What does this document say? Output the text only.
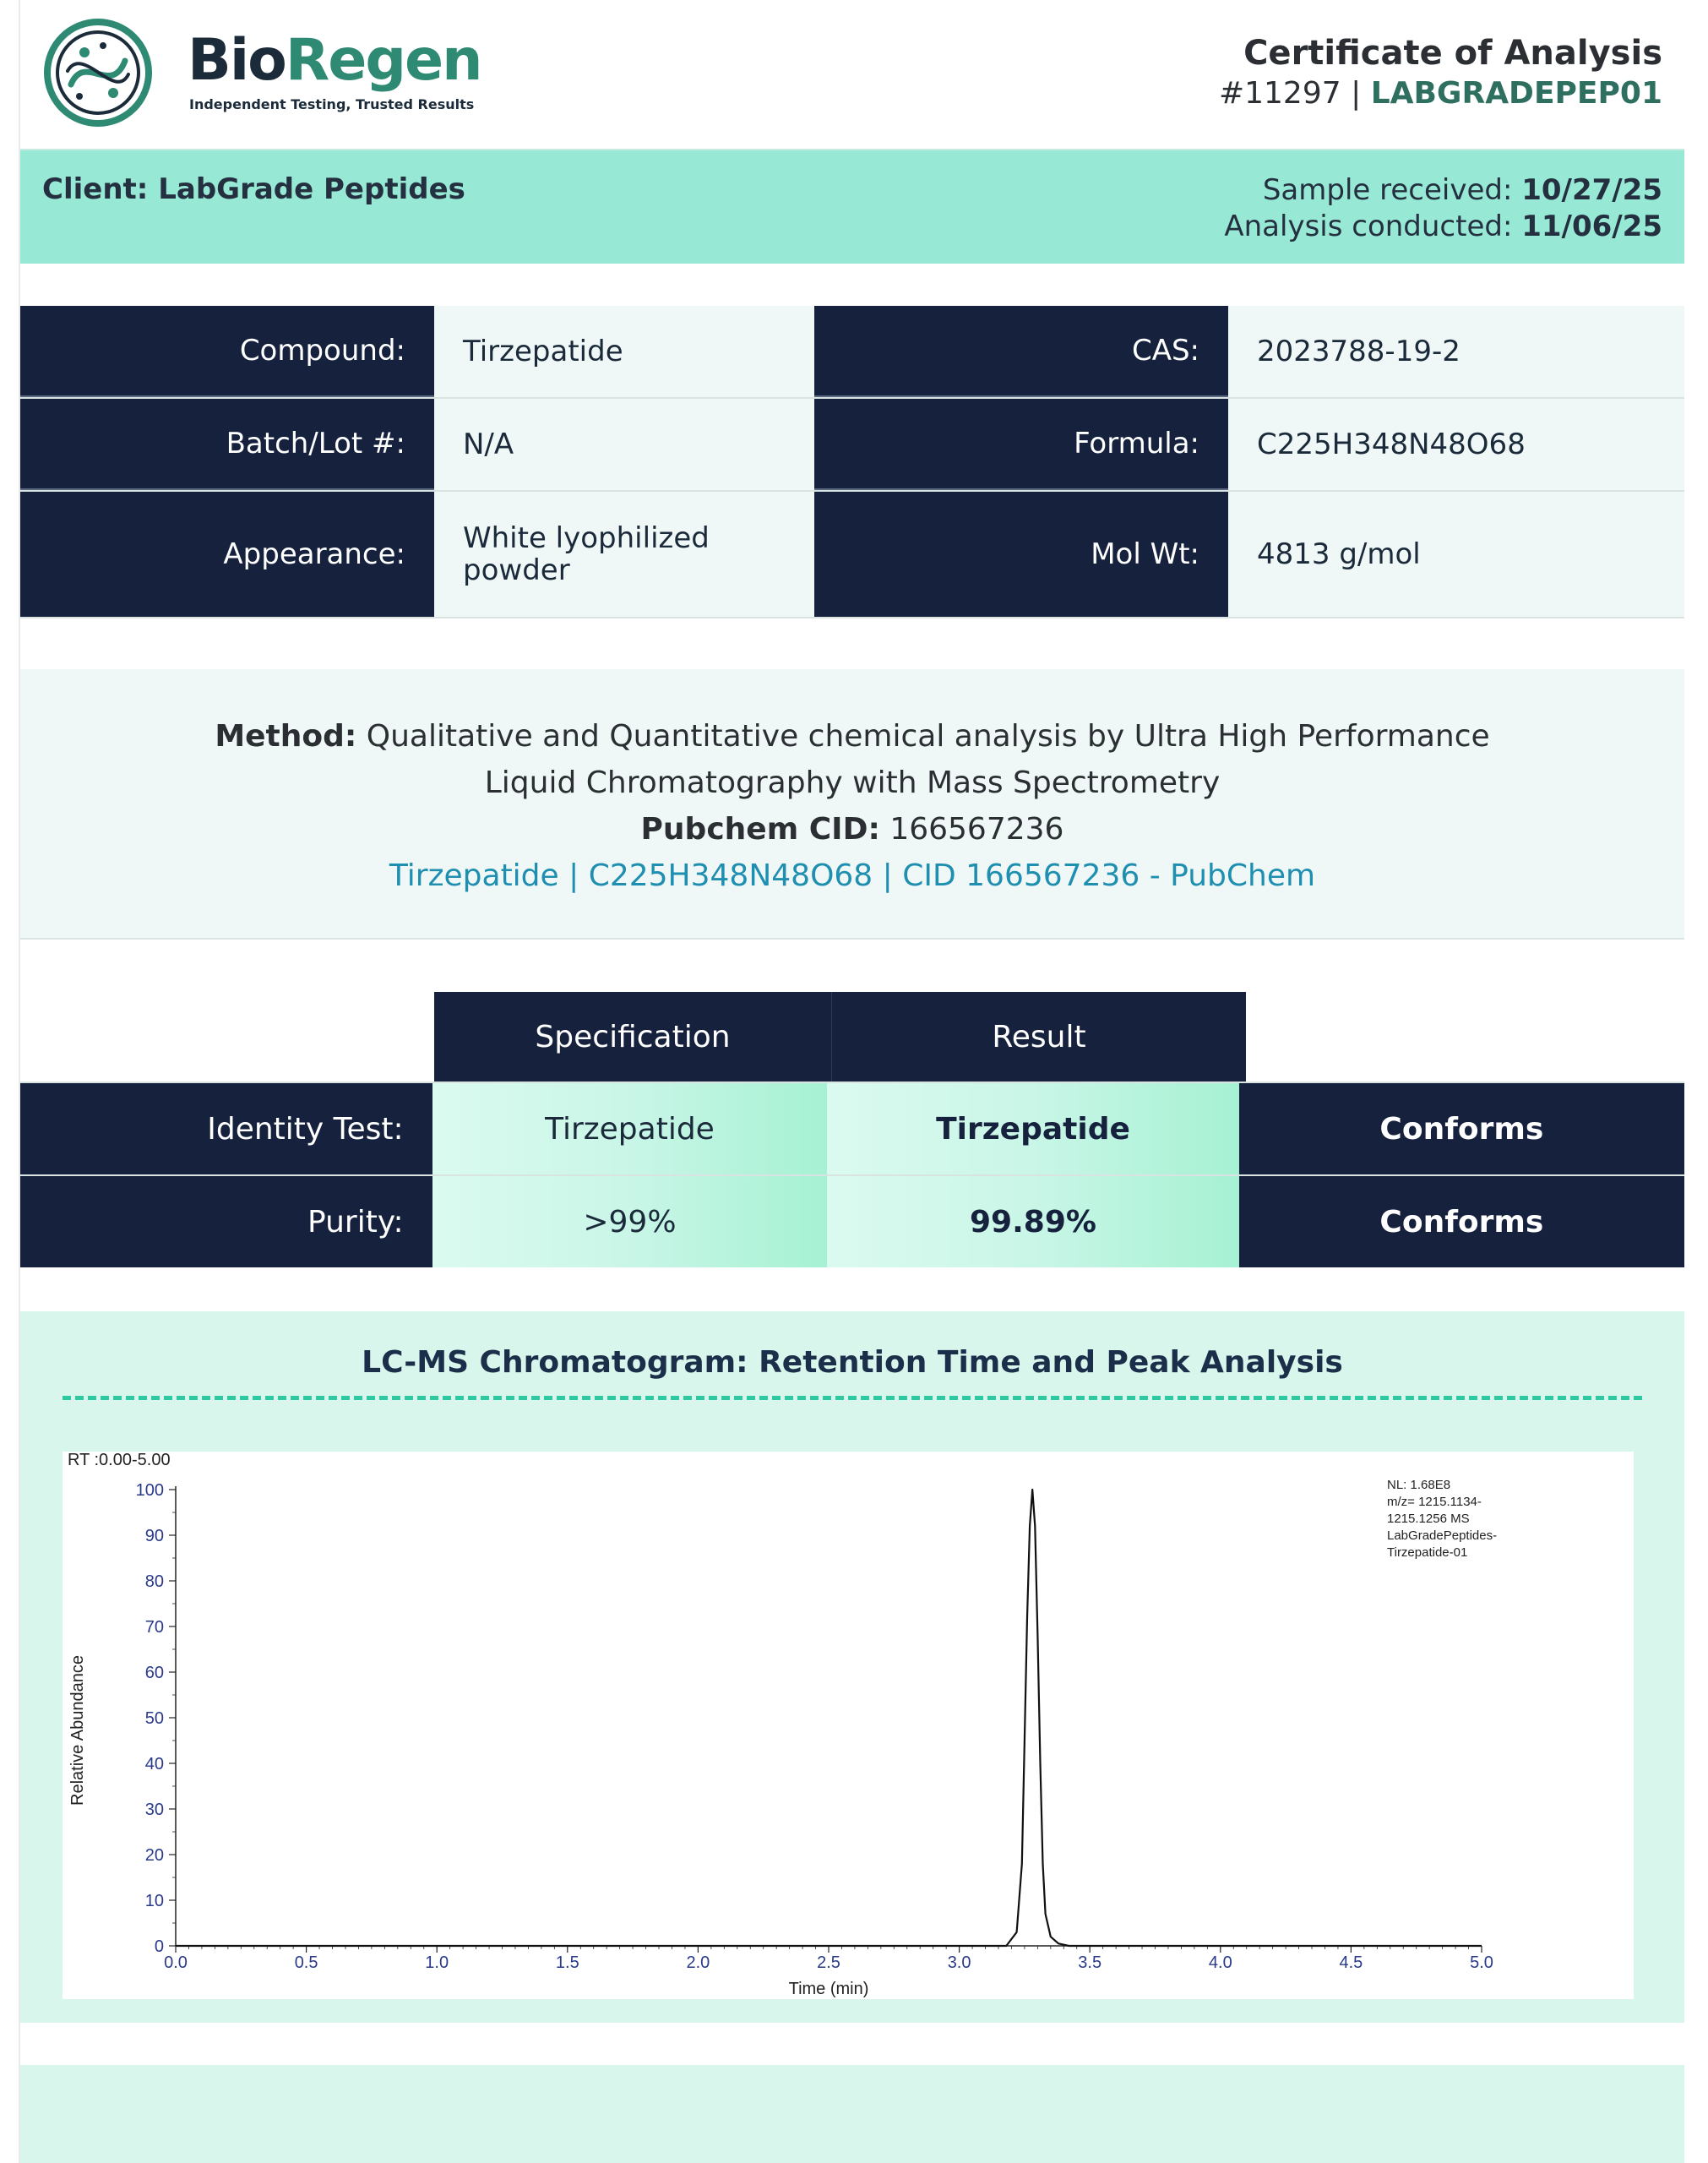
BioRegen
Independent Testing, Trusted Results
Certificate of Analysis
#11297 | LABGRADEPEP01
Client: LabGrade Peptides	Sample received: 10/27/25
Analysis conducted: 11/06/25
Compound:	Tirzepatide	CAS:	2023788-19-2
Batch/Lot #:	N/A	Formula:	C225H348N48O68
Appearance:	White lyophilized powder	Mol Wt:	4813 g/mol
Method: Qualitative and Quantitative chemical analysis by Ultra High Performance Liquid Chromatography with Mass Spectrometry
Pubchem CID: 166567236
Tirzepatide | C225H348N48O68 | CID 166567236 - PubChem
Specification	Result
Identity Test:	Tirzepatide	Tirzepatide	Conforms
Purity:	>99%	99.89%	Conforms
LC-MS Chromatogram: Retention Time and Peak Analysis
RT :0.00-5.00
NL: 1.68E8
m/z= 1215.1134-
1215.1256 MS
LabGradePeptides-
Tirzepatide-01
Relative Abundance
Time (min)
0.0	0.5	1.0	1.5	2.0	2.5	3.0	3.5	4.0	4.5	5.0
0
10
20
30
40
50
60
70
80
90
100
